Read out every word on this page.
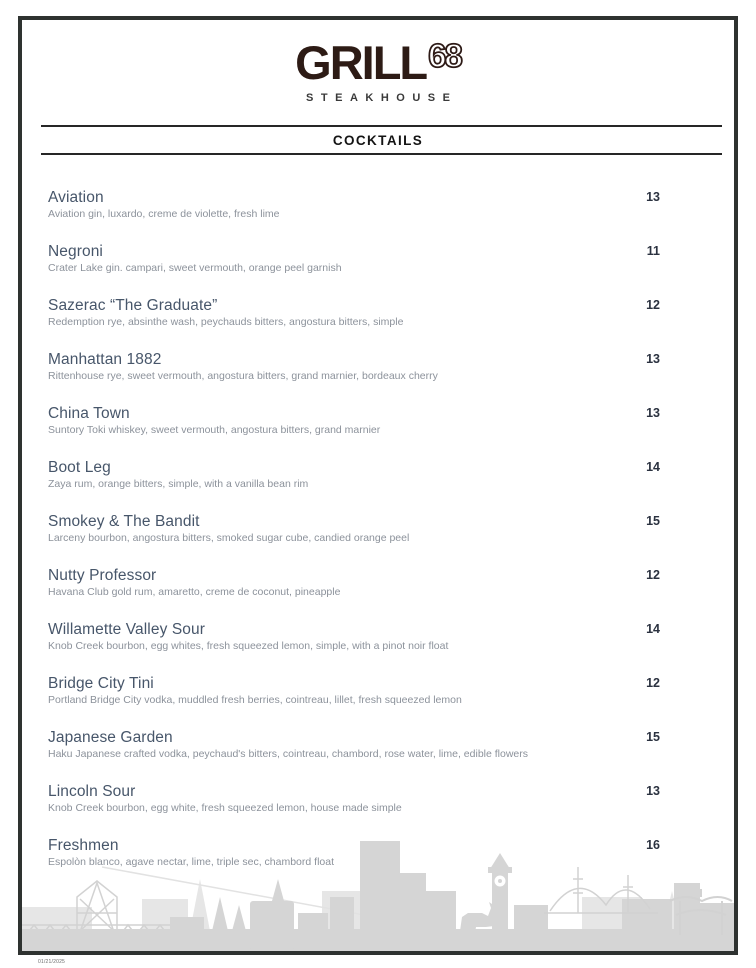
GRILL 68
STEAKHOUSE
COCKTAILS
Aviation
Aviation gin, luxardo, creme de violette, fresh lime
13
Negroni
Crater Lake gin. campari, sweet vermouth, orange peel garnish
11
Sazerac “The Graduate”
Redemption rye, absinthe wash, peychauds bitters, angostura bitters, simple
12
Manhattan 1882
Rittenhouse rye, sweet vermouth, angostura bitters, grand marnier, bordeaux cherry
13
China Town
Suntory Toki whiskey, sweet vermouth, angostura bitters, grand marnier
13
Boot Leg
Zaya rum, orange bitters, simple, with a vanilla bean rim
14
Smokey & The Bandit
Larceny bourbon, angostura bitters, smoked sugar cube, candied orange peel
15
Nutty Professor
Havana Club gold rum, amaretto, creme de coconut, pineapple
12
Willamette Valley Sour
Knob Creek bourbon, egg whites, fresh squeezed lemon, simple, with a pinot noir float
14
Bridge City Tini
Portland Bridge City vodka, muddled fresh berries, cointreau, lillet, fresh squeezed lemon
12
Japanese Garden
Haku Japanese crafted vodka, peychaud's bitters, cointreau, chambord, rose water, lime, edible flowers
15
Lincoln Sour
Knob Creek bourbon, egg white, fresh squeezed lemon, house made simple
13
Freshmen
Espolòn blanco, agave nectar, lime, triple sec, chambord float
16
01/21/2025
